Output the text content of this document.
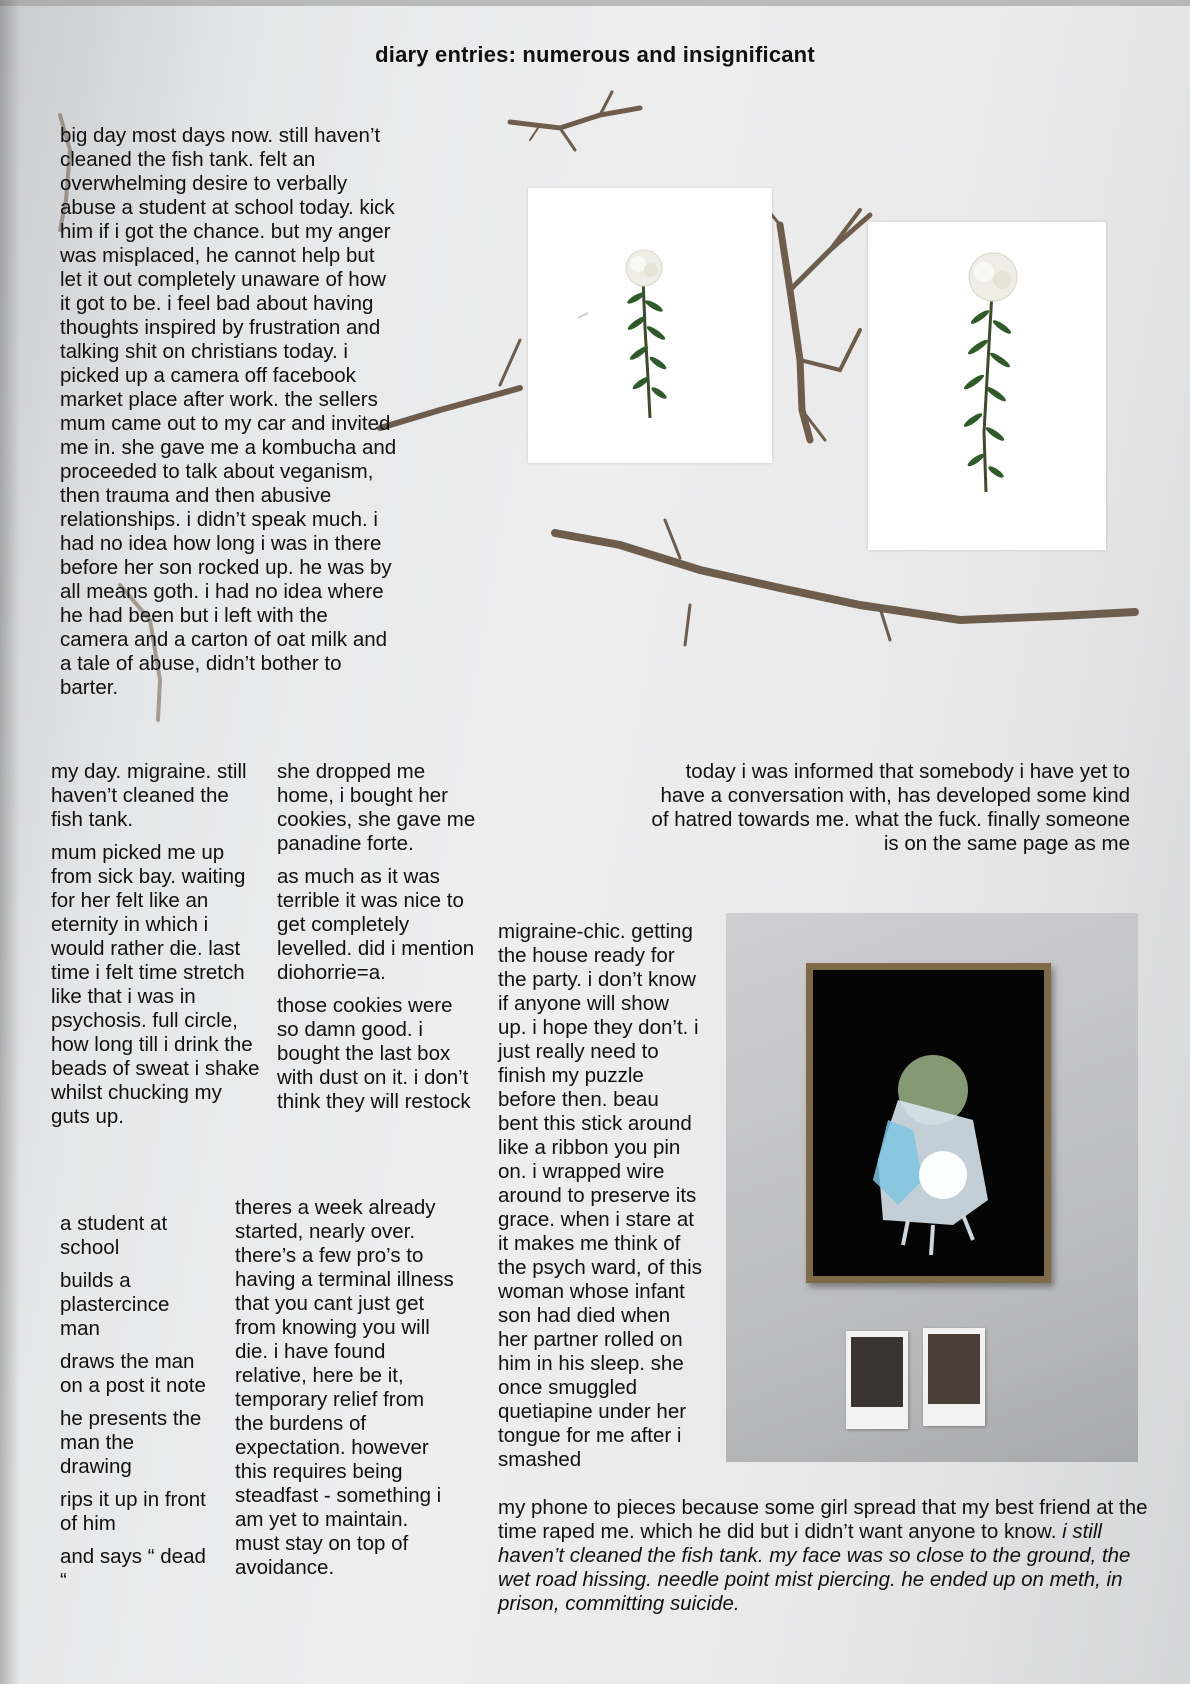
diary entries: numerous and insignificant
big day most days now. still haven’t cleaned the fish tank. felt an overwhelming desire to verbally abuse a student at school today. kick him if i got the chance. but my anger was misplaced, he cannot help but let it out completely unaware of how it got to be. i feel bad about having thoughts inspired by frustration and talking shit on christians today. i picked up a camera off facebook market place after work. the sellers mum came out to my car and invited me in. she gave me a kombucha and proceeded to talk about veganism, then trauma and then abusive relationships. i didn’t speak much. i had no idea how long i was in there before her son rocked up. he was by all means goth. i had no idea where he had been but i left with the camera and a carton of oat milk and a tale of abuse, didn’t bother to barter.

my day. migraine. still haven’t cleaned the fish tank.

mum picked me up from sick bay. waiting for her felt like an eternity in which i would rather die. last time i felt time stretch like that i was in psychosis. full circle, how long till i drink the beads of sweat i shake whilst chucking my guts up.

she dropped me home, i bought her cookies, she gave me panadine forte.

as much as it was terrible it was nice to get completely levelled. did i mention diohorrie=a.

those cookies were so damn good. i bought the last box with dust on it. i don’t think they will restock

today i was informed that somebody i have yet to have a conversation with, has developed some kind of hatred towards me. what the fuck. finally someone is on the same page as me

a student at school

builds a plastercince man

draws the man on a post it note

he presents the man the drawing

rips it up in front of him

and says “ dead “

theres a week already started, nearly over. there’s a few pro’s to having a terminal illness that you cant just get from knowing you will die. i have found relative, here be it, temporary relief from the burdens of expectation. however this requires being steadfast - something i am yet to maintain. must stay on top of avoidance.
migraine-chic. getting the house ready for the party. i don’t know if anyone will show up. i hope they don’t. i just really need to finish my puzzle before then. beau bent this stick around like a ribbon you pin on. i wrapped wire around to preserve its grace. when i stare at it makes me think of the psych ward, of this woman whose infant son had died when her partner rolled on him in his sleep. she once smuggled quetiapine under her tongue for me after i smashed
my phone to pieces because some girl spread that my best friend at the time raped me. which he did but i didn’t want anyone to know. i still haven’t cleaned the fish tank. my face was so close to the ground, the wet road hissing. needle point mist piercing. he ended up on meth, in prison, committing suicide.
